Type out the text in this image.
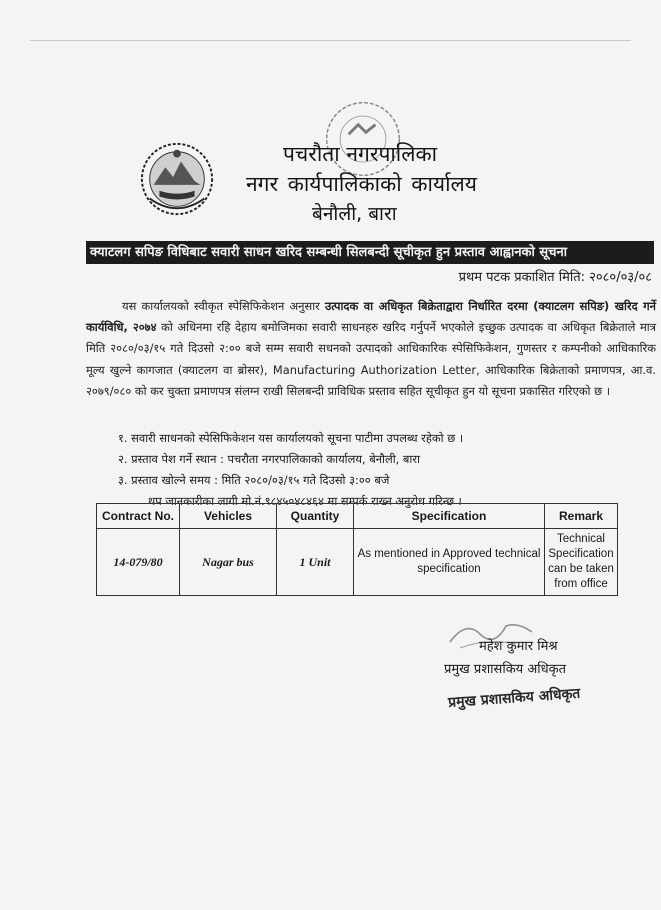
पचरौता नगरपालिका
नगर कार्यपालिकाको कार्यालय
बेनौली, बारा
क्याटलग सपिङ विधिबाट सवारी साधन खरिद सम्बन्धी सिलबन्दी सूचीकृत हुन प्रस्ताव आह्वानको सूचना
प्रथम पटक प्रकाशित मिति: २०८०/०३/०८
यस कार्यालयको स्वीकृत स्पेसिफिकेशन अनुसार उत्पादक वा अधिकृत बिक्रेताद्वारा निर्धारित दरमा (क्याटलग सपिङ) खरिद गर्ने कार्यविधि, २०७४ को अधिनमा रहि देहाय बमोजिमका सवारी साधनहरु खरिद गर्नुपर्ने भएकोले इच्छुक उत्पादक वा अधिकृत बिक्रेताले मात्र मिति २०८०/०३/१५ गते दिउसो २:०० बजे सम्म सवारी सधनको उत्पादको आधिकारिक स्पेसिफिकेशन, गुणस्तर र कम्पनीको आधिकारिक मूल्य खुल्ने कागजात (क्याटलग वा ब्रोसर), Manufacturing Authorization Letter, आधिकारिक बिक्रेताको प्रमाणपत्र, आ.व. २०७९/०८० को कर चुक्ता प्रमाणपत्र संलग्न राखी सिलबन्दी प्राविधिक प्रस्ताव सहित सूचीकृत हुन यो सूचना प्रकासित गरिएको छ ।
१. सवारी साधनको स्पेसिफिकेशन यस कार्यालयको सूचना पाटीमा उपलब्ध रहेको छ ।
२. प्रस्ताव पेश गर्ने स्थान : पचरौता नगरपालिकाको कार्यालय, बेनौली, बारा
३. प्रस्ताव खोल्ने समय : मिति २०८०/०३/१५ गते दिउसो ३:०० बजे
थप जानकारीका लागी मो.नं.९८४५०४८४६४ मा सम्पर्क राख्न अनुरोध गरिन्छ ।
Contract No.	Vehicles	Quantity	Specification	Remark
14-079/80	Nagar bus	1 Unit	As mentioned in Approved technical specification	Technical Specification can be taken from office
महेश कुमार मिश्र
प्रमुख प्रशासकिय अधिकृत
प्रमुख प्रशासकिय अधिकृत
